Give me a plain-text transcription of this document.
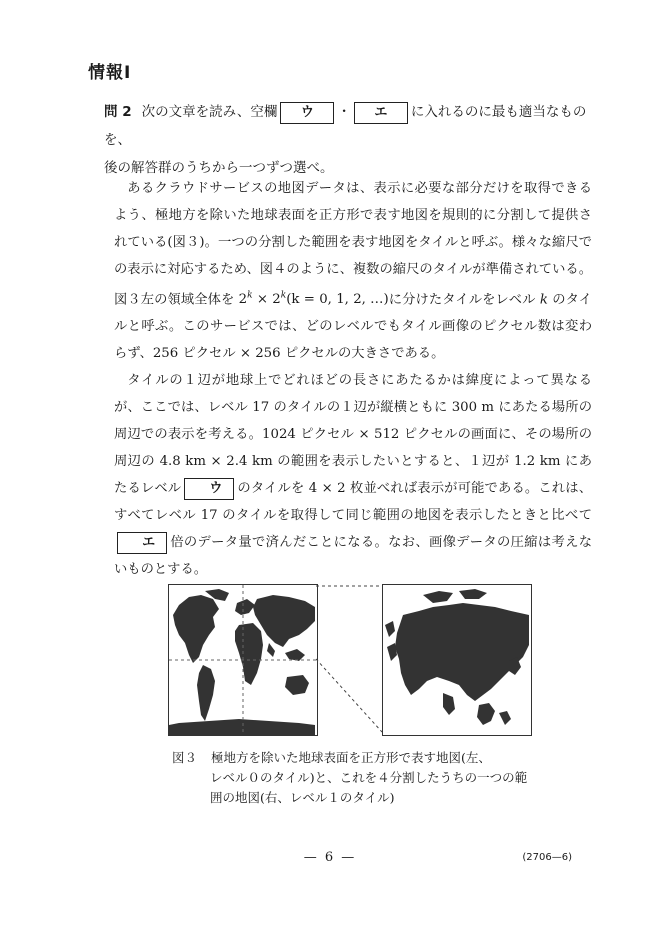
情報Ⅰ
問 2 次の文章を読み、空欄 ウ ・ エ に入れるのに最も適当なものを、
後の解答群のうちから一つずつ選べ。

あるクラウドサービスの地図データは、表示に必要な部分だけを取得できるよう、極地方を除いた地球表面を正方形で表す地図を規則的に分割して提供されている(図３)。一つの分割した範囲を表す地図をタイルと呼ぶ。様々な縮尺での表示に対応するため、図４のように、複数の縮尺のタイルが準備されている。図３左の領域全体を $2^k \times 2^k(k = 0$, 1, 2, …)に分けたタイルをレベル k のタイルと呼ぶ。このサービスでは、どのレベルでもタイル画像のピクセル数は変わらず、256 ピクセル × 256 ピクセルの大きさである。

タイルの１辺が地球上でどれほどの長さにあたるかは緯度によって異なるが、ここでは、レベル 17 のタイルの１辺が縦横ともに 300 m にあたる場所の周辺での表示を考える。1024 ピクセル × 512 ピクセルの画面に、その場所の周辺の 4.8 km × 2.4 km の範囲を表示したいとすると、１辺が 1.2 km にあたるレベル ウ のタイルを 4 × 2 枚並べれば表示が可能である。これは、すべてレベル 17 のタイルを取得して同じ範囲の地図を表示したときと比べてエ 倍のデータ量で済んだことになる。なお、画像データの圧縮は考えないものとする。

図３ 極地方を除いた地球表面を正方形で表す地図(左、
レベル０のタイル)と、これを４分割したうちの一つの範
囲の地図(右、レベル１のタイル)
— 6 —	(2706—6)
